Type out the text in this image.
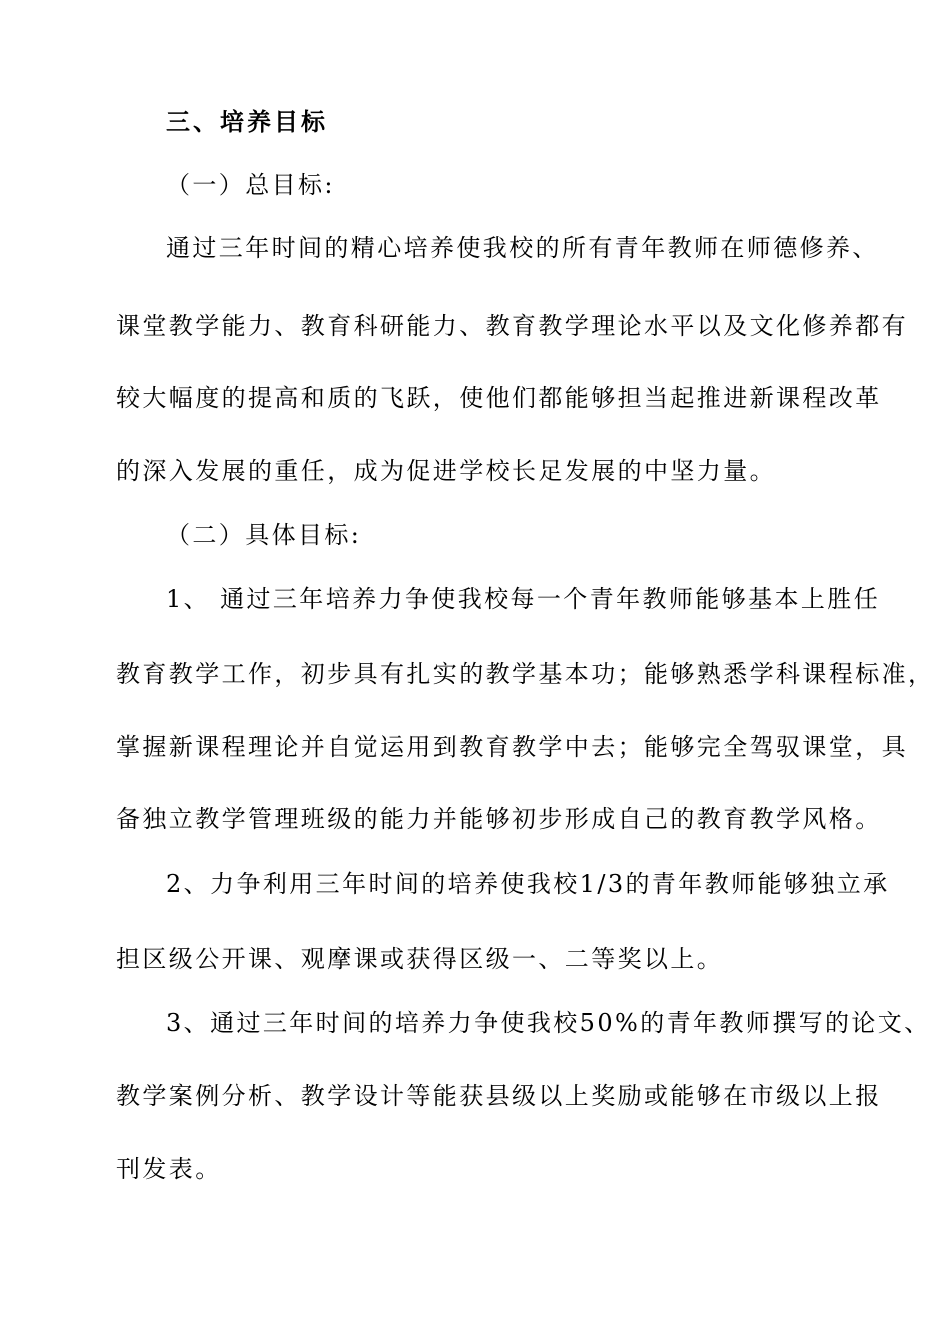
三、培养目标
（一）总目标:
通过三年时间的精心培养使我校的所有青年教师在师德修养、
课堂教学能力、教育科研能力、教育教学理论水平以及文化修养都有
较大幅度的提高和质的飞跃，使他们都能够担当起推进新课程改革
的深入发展的重任，成为促进学校长足发展的中坚力量。
（二）具体目标:
1、 通过三年培养力争使我校每一个青年教师能够基本上胜任
教育教学工作，初步具有扎实的教学基本功；能够熟悉学科课程标准，
掌握新课程理论并自觉运用到教育教学中去；能够完全驾驭课堂，具
备独立教学管理班级的能力并能够初步形成自己的教育教学风格。
2、力争利用三年时间的培养使我校1/3的青年教师能够独立承
担区级公开课、观摩课或获得区级一、二等奖以上。
3、通过三年时间的培养力争使我校50%的青年教师撰写的论文、
教学案例分析、教学设计等能获县级以上奖励或能够在市级以上报
刊发表。
